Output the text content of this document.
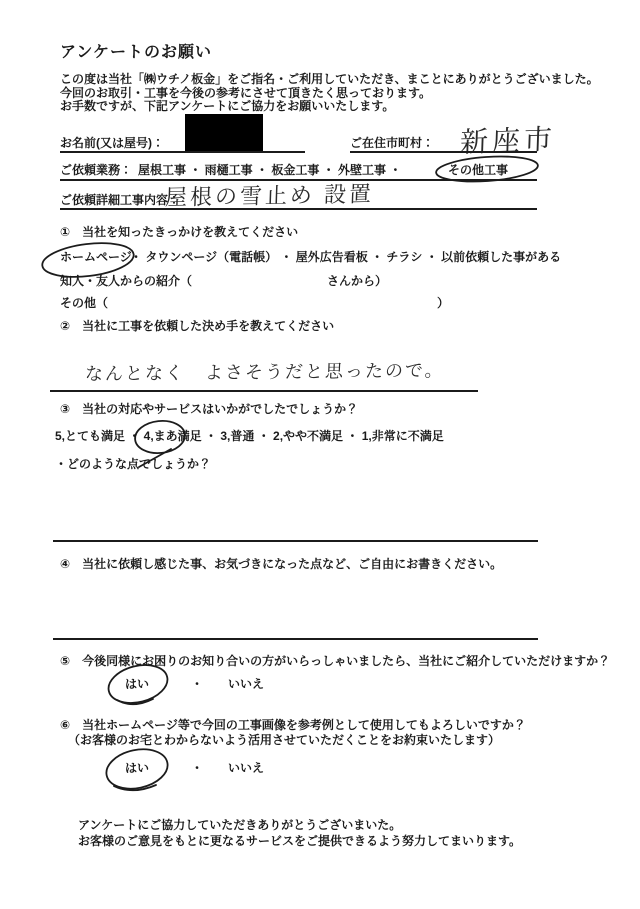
アンケートのお願い
この度は当社「㈱ウチノ板金」をご指名・ご利用していただき、まことにありがとうございました。
今回のお取引・工事を今後の参考にさせて頂きたく思っております。
お手数ですが、下記アンケートにご協力をお願いいたします。
お名前(又は屋号)：	ご在住市町村： 新座市
ご依頼業務： 屋根工事 ・ 雨樋工事 ・ 板金工事 ・ 外壁工事 ・	その他工事
ご依頼詳細工事内容：
屋根の雪止め 設置
①　当社を知ったきっかけを教えてください
ホームページ
・ タウンページ（電話帳） ・ 屋外広告看板 ・ チラシ ・ 以前依頼した事がある
知人・友人からの紹介（	さんから）
その他（	）
②　当社に工事を依頼した決め手を教えてください
なんとなく　よさそうだと思ったので。
③　当社の対応やサービスはいかがでしたでしょうか？
5,とても満足 ・ 4,まあ満足 ・ 3,普通 ・ 2,やや不満足 ・ 1,非常に不満足
・どのような点でしょうか？
④　当社に依頼し感じた事、お気づきになった点など、ご自由にお書きください。
⑤　今後同様にお困りのお知り合いの方がいらっしゃいましたら、当社にご紹介していただけますか？
はい	・ いいえ
⑥　当社ホームページ等で今回の工事画像を参考例として使用してもよろしいですか？
（お客様のお宅とわからないよう活用させていただくことをお約束いたします）
はい	・ いいえ
アンケートにご協力していただきありがとうございまいた。
お客様のご意見をもとに更なるサービスをご提供できるよう努力してまいります。
